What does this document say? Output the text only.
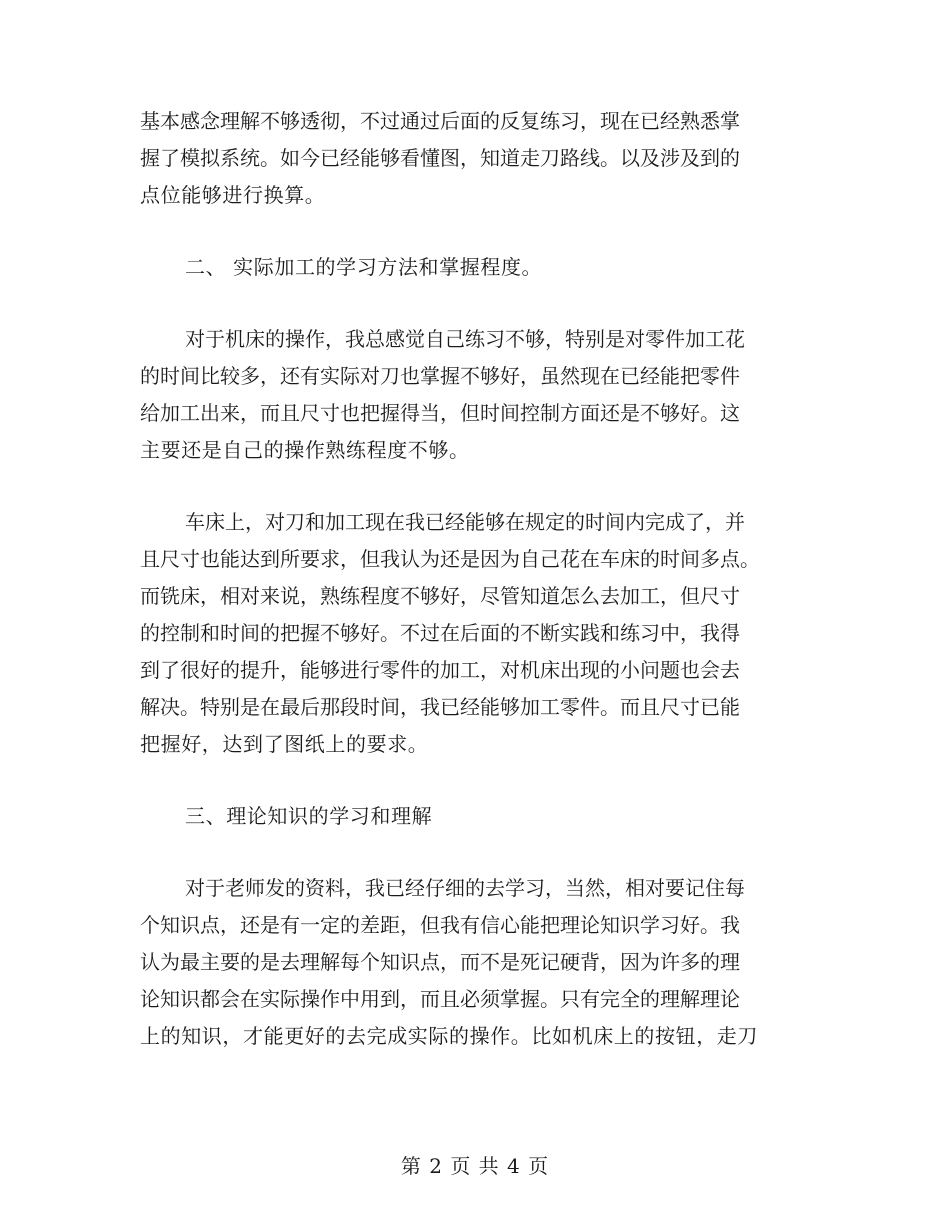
基本感念理解不够透彻，不过通过后面的反复练习，现在已经熟悉掌
握了模拟系统。如今已经能够看懂图，知道走刀路线。以及涉及到的
点位能够进行换算。
二、 实际加工的学习方法和掌握程度。
对于机床的操作，我总感觉自己练习不够，特别是对零件加工花
的时间比较多，还有实际对刀也掌握不够好，虽然现在已经能把零件
给加工出来，而且尺寸也把握得当，但时间控制方面还是不够好。这
主要还是自己的操作熟练程度不够。
车床上，对刀和加工现在我已经能够在规定的时间内完成了，并
且尺寸也能达到所要求，但我认为还是因为自己花在车床的时间多点。
而铣床，相对来说，熟练程度不够好，尽管知道怎么去加工，但尺寸
的控制和时间的把握不够好。不过在后面的不断实践和练习中，我得
到了很好的提升，能够进行零件的加工，对机床出现的小问题也会去
解决。特别是在最后那段时间，我已经能够加工零件。而且尺寸已能
把握好，达到了图纸上的要求。
三、理论知识的学习和理解
对于老师发的资料，我已经仔细的去学习，当然，相对要记住每
个知识点，还是有一定的差距，但我有信心能把理论知识学习好。我
认为最主要的是去理解每个知识点，而不是死记硬背，因为许多的理
论知识都会在实际操作中用到，而且必须掌握。只有完全的理解理论
上的知识，才能更好的去完成实际的操作。比如机床上的按钮，走刀
第 2 页 共 4 页
